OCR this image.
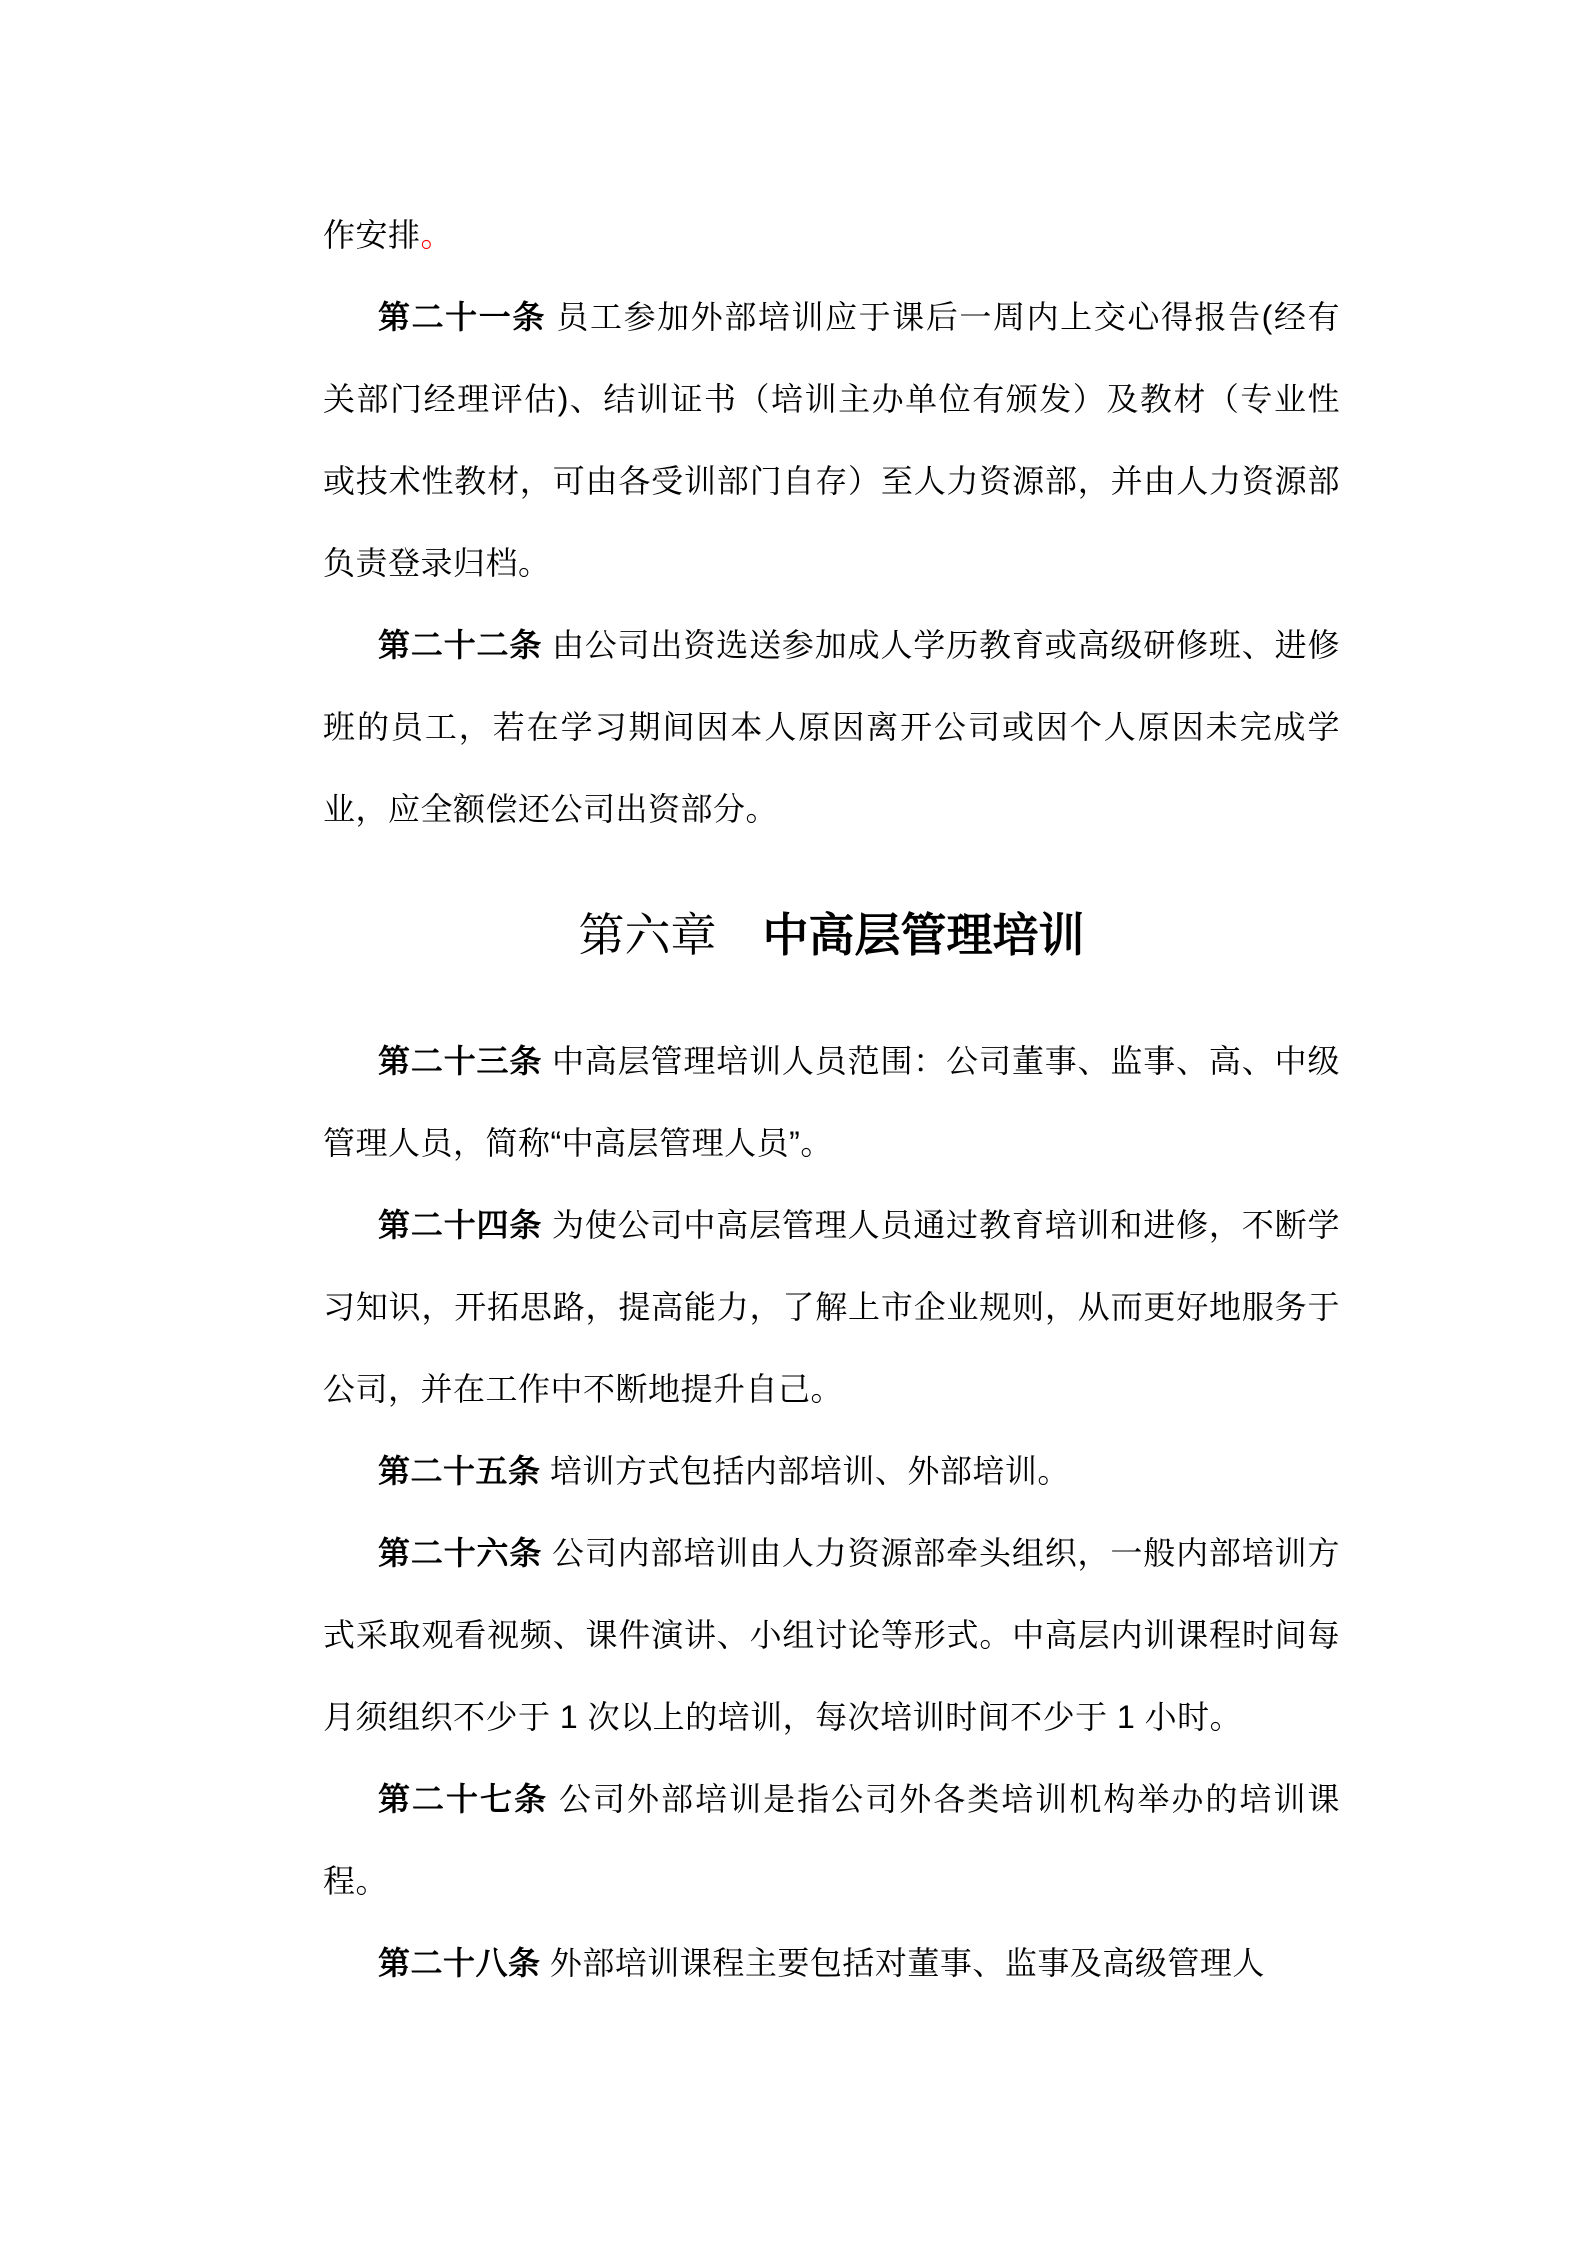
作安排。
第二十一条 员工参加外部培训应于课后一周内上交心得报告(经有关部门经理评估)、结训证书（培训主办单位有颁发）及教材（专业性或技术性教材，可由各受训部门自存）至人力资源部，并由人力资源部负责登录归档。
第二十二条 由公司出资选送参加成人学历教育或高级研修班、进修班的员工，若在学习期间因本人原因离开公司或因个人原因未完成学业，应全额偿还公司出资部分。
第六章　 中高层管理培训
第二十三条 中高层管理培训人员范围：公司董事、监事、高、中级管理人员，简称“中高层管理人员”。
第二十四条 为使公司中高层管理人员通过教育培训和进修，不断学习知识，开拓思路，提高能力，了解上市企业规则，从而更好地服务于公司，并在工作中不断地提升自己。
第二十五条 培训方式包括内部培训、外部培训。
第二十六条 公司内部培训由人力资源部牵头组织，一般内部培训方式采取观看视频、课件演讲、小组讨论等形式。中高层内训课程时间每月须组织不少于 1 次以上的培训，每次培训时间不少于 1 小时。
第二十七条 公司外部培训是指公司外各类培训机构举办的培训课程。
第二十八条 外部培训课程主要包括对董事、监事及高级管理人
